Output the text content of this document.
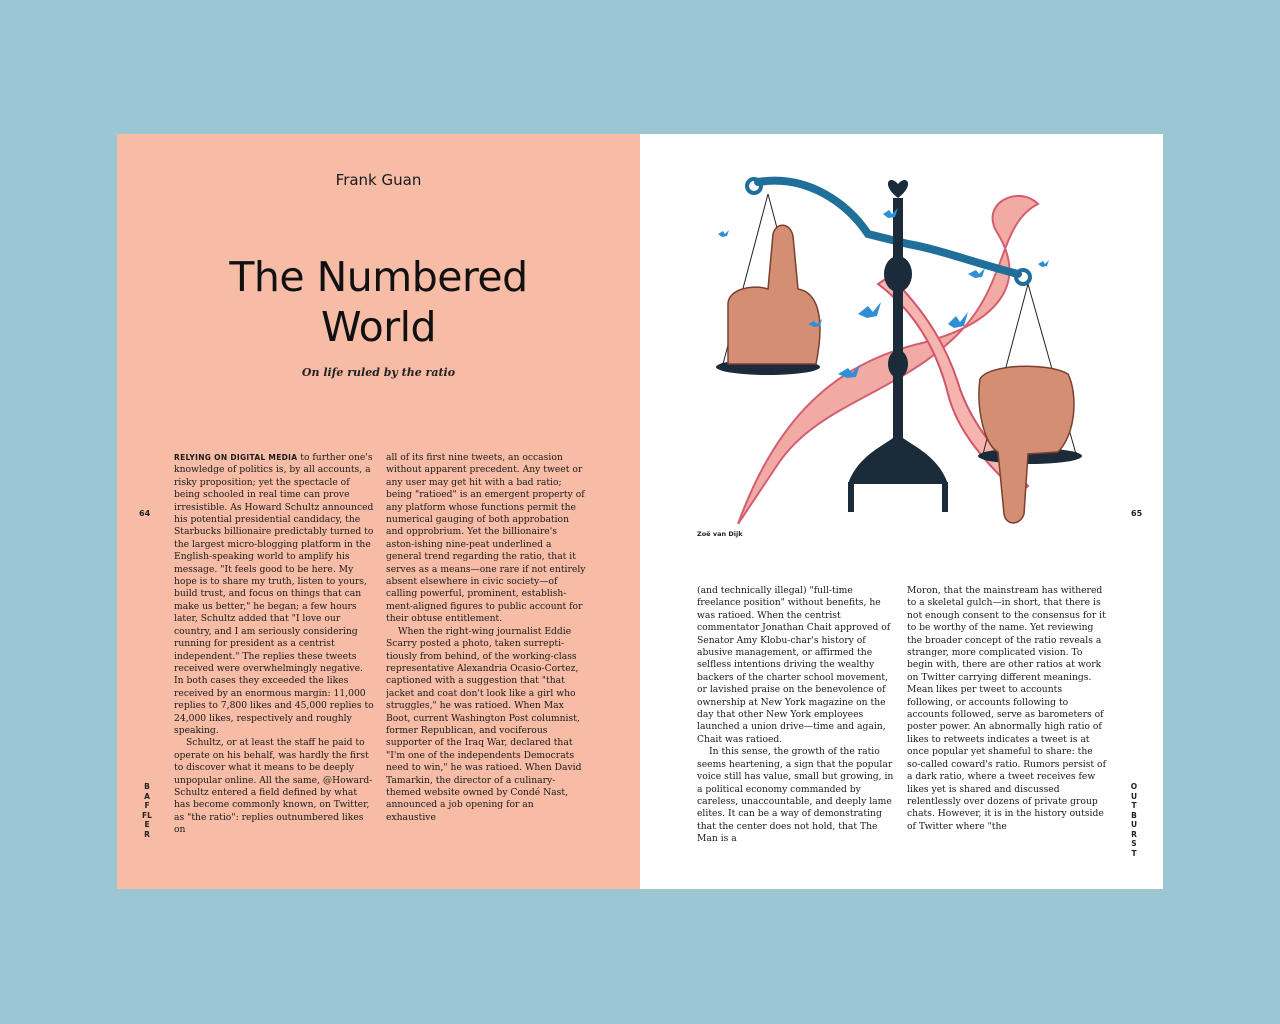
Frank Guan
The Numbered
World
On life ruled by the ratio
64
BAFFLER

RELYING ON DIGITAL MEDIA to further one's knowledge of politics is, by all accounts, a risky proposition; yet the spectacle of being schooled in real time can prove irresistible. As Howard Schultz announced his potential presidential candidacy, the Starbucks billionaire predictably turned to the largest micro-blogging platform in the English-speaking world to amplify his message. "It feels good to be here. My hope is to share my truth, listen to yours, build trust, and focus on things that can make us better," he began; a few hours later, Schultz added that "I love our country, and I am seriously considering running for president as a centrist independent." The replies these tweets received were overwhelmingly negative. In both cases they exceeded the likes received by an enormous margin: 11,000 replies to 7,800 likes and 45,000 replies to 24,000 likes, respectively and roughly speaking.

Schultz, or at least the staff he paid to operate on his behalf, was hardly the first to discover what it means to be deeply unpopular online. All the same, @Howard-Schultz entered a field defined by what has become commonly known, on Twitter, as "the ratio": replies outnumbered likes on

all of its first nine tweets, an occasion without apparent precedent. Any tweet or any user may get hit with a bad ratio; being "ratioed" is an emergent property of any platform whose functions permit the numerical gauging of both approbation and opprobrium. Yet the billionaire's aston-ishing nine-peat underlined a general trend regarding the ratio, that it serves as a means—one rare if not entirely absent elsewhere in civic society—of calling powerful, prominent, establish-ment-aligned figures to public account for their obtuse entitlement.

When the right-wing journalist Eddie Scarry posted a photo, taken surrepti-tiously from behind, of the working-class representative Alexandria Ocasio-Cortez, captioned with a suggestion that "that jacket and coat don't look like a girl who struggles," he was ratioed. When Max Boot, current Washington Post columnist, former Republican, and vociferous supporter of the Iraq War, declared that "I'm one of the independents Democrats need to win," he was ratioed. When David Tamarkin, the director of a culinary-themed website owned by Condé Nast, announced a job opening for an exhaustive

Zoë van Dijk
65
OUTBURST

(and technically illegal) "full-time freelance position" without benefits, he was ratioed. When the centrist commentator Jonathan Chait approved of Senator Amy Klobu-char's history of abusive management, or affirmed the selfless intentions driving the wealthy backers of the charter school movement, or lavished praise on the benevolence of ownership at New York magazine on the day that other New York employees launched a union drive—time and again, Chait was ratioed.

In this sense, the growth of the ratio seems heartening, a sign that the popular voice still has value, small but growing, in a political economy commanded by careless, unaccountable, and deeply lame elites. It can be a way of demonstrating that the center does not hold, that The Man is a

Moron, that the mainstream has withered to a skeletal gulch—in short, that there is not enough consent to the consensus for it to be worthy of the name. Yet reviewing the broader concept of the ratio reveals a stranger, more complicated vision. To begin with, there are other ratios at work on Twitter carrying different meanings. Mean likes per tweet to accounts following, or accounts following to accounts followed, serve as barometers of poster power. An abnormally high ratio of likes to retweets indicates a tweet is at once popular yet shameful to share: the so-called coward's ratio. Rumors persist of a dark ratio, where a tweet receives few likes yet is shared and discussed relentlessly over dozens of private group chats. However, it is in the history outside of Twitter where "the
